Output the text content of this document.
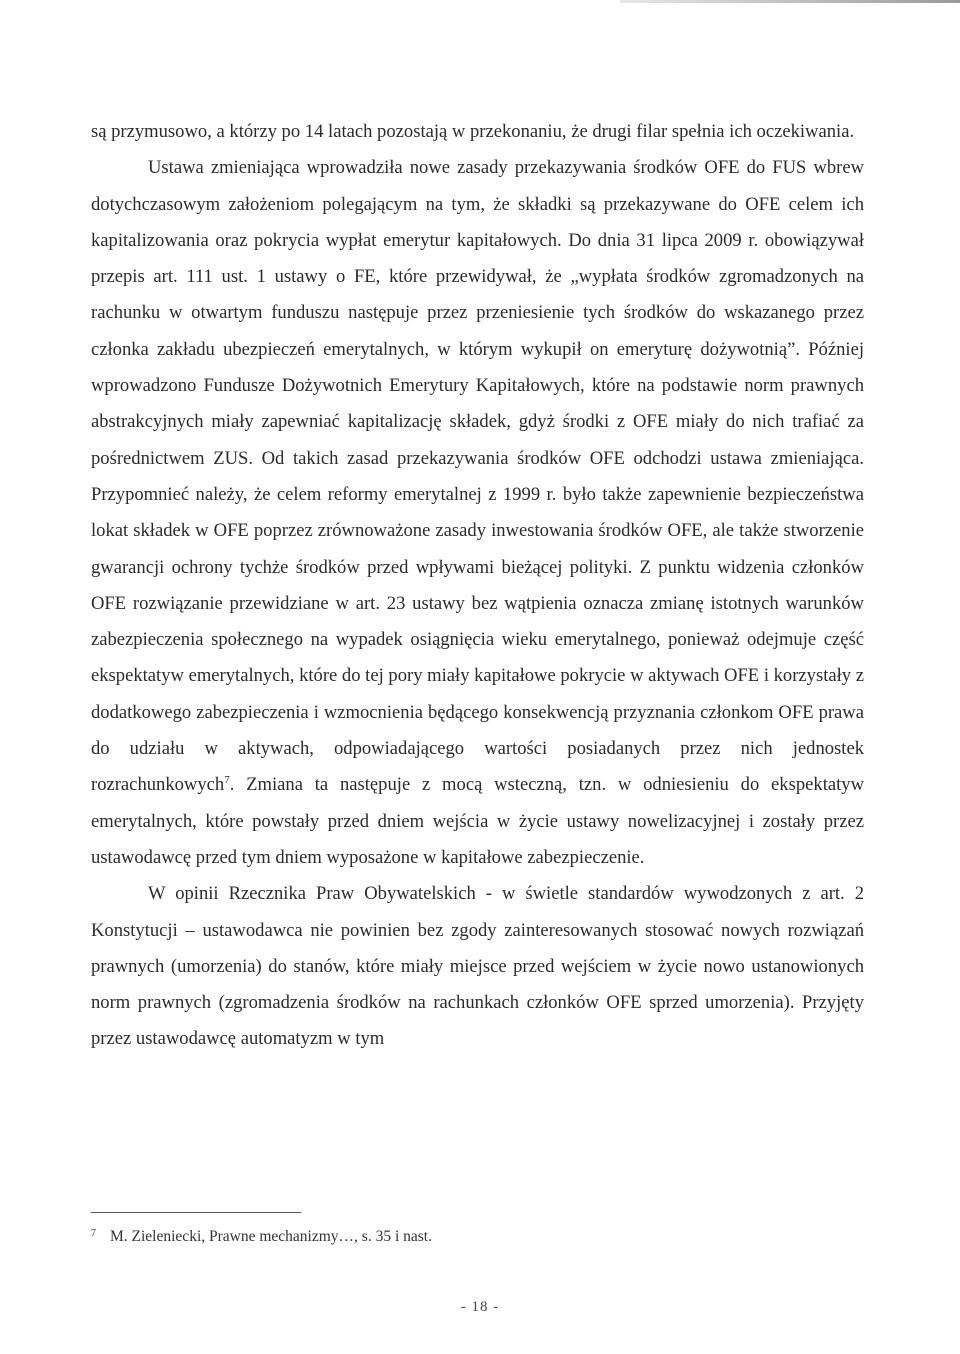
są przymusowo, a którzy po 14 latach pozostają w przekonaniu, że drugi filar spełnia ich oczekiwania.

Ustawa zmieniająca wprowadziła nowe zasady przekazywania środków OFE do FUS wbrew dotychczasowym założeniom polegającym na tym, że składki są przekazywane do OFE celem ich kapitalizowania oraz pokrycia wypłat emerytur kapitałowych. Do dnia 31 lipca 2009 r. obowiązywał przepis art. 111 ust. 1 ustawy o FE, które przewidywał, że „wypłata środków zgromadzonych na rachunku w otwartym funduszu następuje przez przeniesienie tych środków do wskazanego przez członka zakładu ubezpieczeń emerytalnych, w którym wykupił on emeryturę dożywotnią”. Później wprowadzono Fundusze Dożywotnich Emerytury Kapitałowych, które na podstawie norm prawnych abstrakcyjnych miały zapewniać kapitalizację składek, gdyż środki z OFE miały do nich trafiać za pośrednictwem ZUS. Od takich zasad przekazywania środków OFE odchodzi ustawa zmieniająca. Przypomnieć należy, że celem reformy emerytalnej z 1999 r. było także zapewnienie bezpieczeństwa lokat składek w OFE poprzez zrównoważone zasady inwestowania środków OFE, ale także stworzenie gwarancji ochrony tychże środków przed wpływami bieżącej polityki. Z punktu widzenia członków OFE rozwiązanie przewidziane w art. 23 ustawy bez wątpienia oznacza zmianę istotnych warunków zabezpieczenia społecznego na wypadek osiągnięcia wieku emerytalnego, ponieważ odejmuje część ekspektatyw emerytalnych, które do tej pory miały kapitałowe pokrycie w aktywach OFE i korzystały z dodatkowego zabezpieczenia i wzmocnienia będącego konsekwencją przyznania członkom OFE prawa do udziału w aktywach, odpowiadającego wartości posiadanych przez nich jednostek rozrachunkowych$^7$. Zmiana ta następuje z mocą wsteczną, tzn. w odniesieniu do ekspektatyw emerytalnych, które powstały przed dniem wejścia w życie ustawy nowelizacyjnej i zostały przez ustawodawcę przed tym dniem wyposażone w kapitałowe zabezpieczenie.

W opinii Rzecznika Praw Obywatelskich - w świetle standardów wywodzonych z art. 2 Konstytucji – ustawodawca nie powinien bez zgody zainteresowanych stosować nowych rozwiązań prawnych (umorzenia) do stanów, które miały miejsce przed wejściem w życie nowo ustanowionych norm prawnych (zgromadzenia środków na rachunkach członków OFE sprzed umorzenia). Przyjęty przez ustawodawcę automatyzm w tym

$^7$ M. Zieleniecki, Prawne mechanizmy…, s. 35 i nast.
- 18 -
